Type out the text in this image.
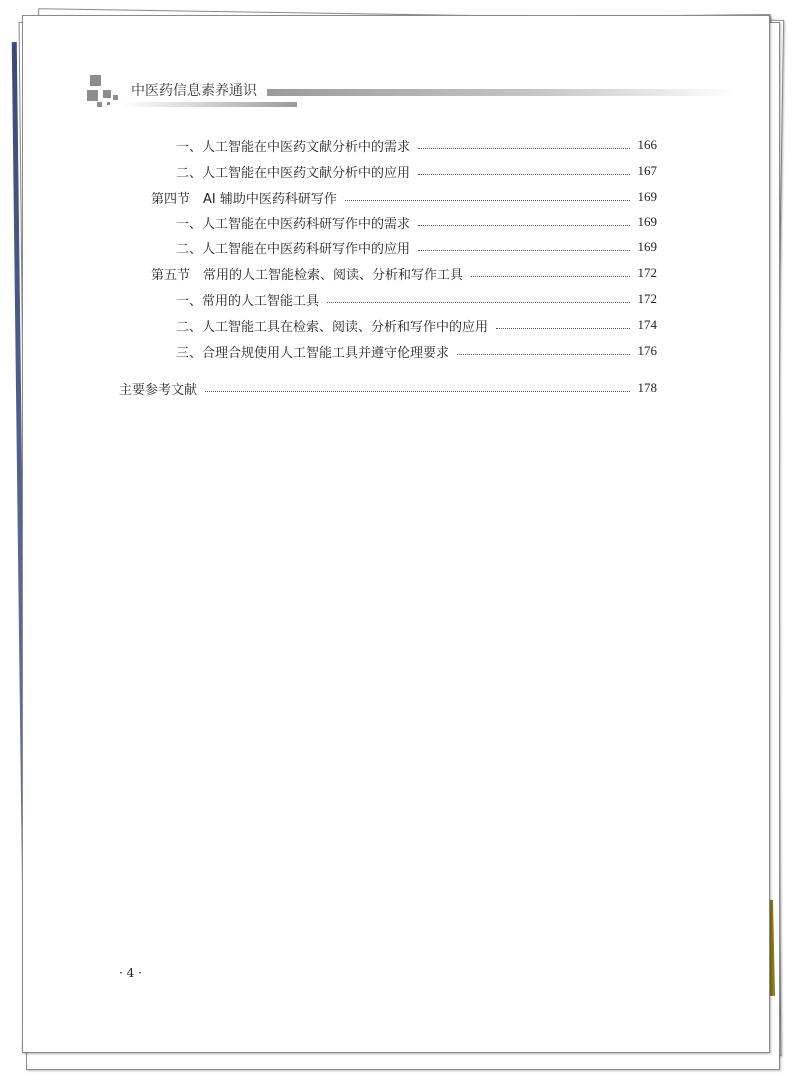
中医药信息素养通识
一、人工智能在中医药文献分析中的需求	166
二、人工智能在中医药文献分析中的应用	167
第四节　AI 辅助中医药科研写作	169
一、人工智能在中医药科研写作中的需求	169
二、人工智能在中医药科研写作中的应用	169
第五节　常用的人工智能检索、阅读、分析和写作工具	172
一、常用的人工智能工具	172
二、人工智能工具在检索、阅读、分析和写作中的应用	174
三、合理合规使用人工智能工具并遵守伦理要求	176
主要参考文献	178
· 4 ·
